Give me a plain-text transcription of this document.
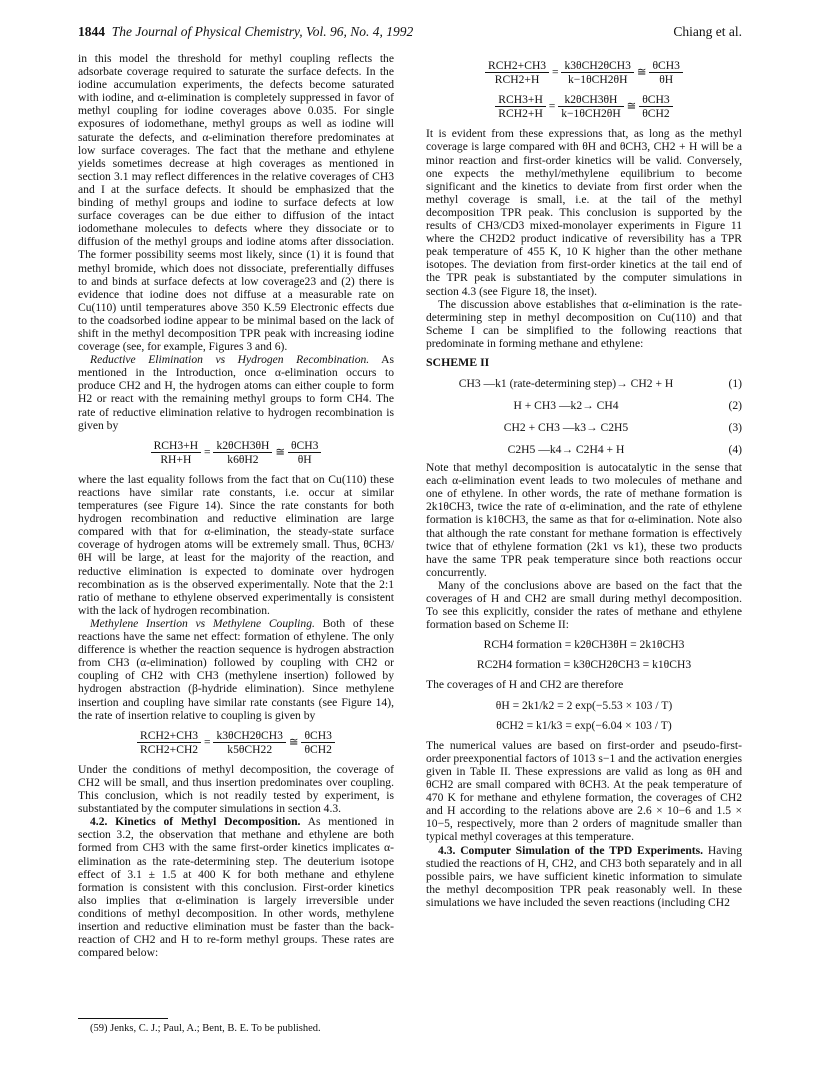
1844 The Journal of Physical Chemistry, Vol. 96, No. 4, 1992	Chiang et al.

in this model the threshold for methyl coupling reflects the adsorbate coverage required to saturate the surface defects. In the iodine accumulation experiments, the defects become saturated with iodine, and α-elimination is completely suppressed in favor of methyl coupling for iodine coverages above 0.035. For single exposures of iodomethane, methyl groups as well as iodine will saturate the defects, and α-elimination therefore predominates at low surface coverages. The fact that the methane and ethylene yields sometimes decrease at high coverages as mentioned in section 3.1 may reflect differences in the relative coverages of CH3 and I at the surface defects. It should be emphasized that the binding of methyl groups and iodine to surface defects at low surface coverages can be due either to diffusion of the intact iodomethane molecules to defects where they dissociate or to diffusion of the methyl groups and iodine atoms after dissociation. The former possibility seems most likely, since (1) it is found that methyl bromide, which does not dissociate, preferentially diffuses to and binds at surface defects at low coverage23 and (2) there is evidence that iodine does not diffuse at a measurable rate on Cu(110) until temperatures above 350 K.59 Electronic effects due to the coadsorbed iodine appear to be minimal based on the lack of shift in the methyl decomposition TPR peak with increasing iodine coverage (see, for example, Figures 3 and 6).

Reductive Elimination vs Hydrogen Recombination. As mentioned in the Introduction, once α-elimination occurs to produce CH2 and H, the hydrogen atoms can either couple to form H2 or react with the remaining methyl groups to form CH4. The rate of reductive elimination relative to hydrogen recombination is given by

$\frac{\text{RCH3+H}}{RH+H} = \frac{\text{k2θCH3θH}}{k6\theta H2}$ ≅ $\frac{\text{θCH3}}{\theta H}$

where the last equality follows from the fact that on Cu(110) these reactions have similar rate constants, i.e. occur at similar temperatures (see Figure 14). Since the rate constants for both hydrogen recombination and reductive elimination are large compared with that for α-elimination, the steady-state surface coverage of hydrogen atoms will be extremely small. Thus, θCH3/θH will be large, at least for the majority of the reaction, and reductive elimination is expected to dominate over hydrogen recombination as is the observed experimentally. Note that the 2:1 ratio of methane to ethylene observed experimentally is consistent with the lack of hydrogen recombination.

Methylene Insertion vs Methylene Coupling. Both of these reactions have the same net effect: formation of ethylene. The only difference is whether the reaction sequence is hydrogen abstraction from CH3 (α-elimination) followed by coupling with CH2 or coupling of CH2 with CH3 (methylene insertion) followed by hydrogen abstraction (β-hydride elimination). Since methylene insertion and coupling have similar rate constants (see Figure 14), the rate of insertion relative to coupling is given by

$\frac{\text{RCH2+CH3}}{\text{RCH2+CH2}} = \frac{\text{k3θCH2θCH3}}{\text{k5θCH22}}$ ≅ $\frac{\text{θCH3}}{\text{θCH2}}$

Under the conditions of methyl decomposition, the coverage of CH2 will be small, and thus insertion predominates over coupling. This conclusion, which is not readily tested by experiment, is substantiated by the computer simulations in section 4.3.

4.2. Kinetics of Methyl Decomposition. As mentioned in section 3.2, the observation that methane and ethylene are both formed from CH3 with the same first-order kinetics implicates α-elimination as the rate-determining step. The deuterium isotope effect of 3.1 ± 1.5 at 400 K for both methane and ethylene formation is consistent with this conclusion. First-order kinetics also implies that α-elimination is largely irreversible under conditions of methyl decomposition. In other words, methylene insertion and reductive elimination must be faster than the back-reaction of CH2 and H to re-form methyl groups. These rates are compared below:

$\frac{\text{RCH2+CH3}}{\text{RCH2+H}} = \frac{\text{k3θCH2θCH3}}{\text{k−1θCH2θH}}$ ≅ $\frac{\text{θCH3}}{\theta H}$
$\frac{\text{RCH3+H}}{\text{RCH2+H}} = \frac{\text{k2θCH3θH}}{\text{k−1θCH2θH}}$ ≅ $\frac{\text{θCH3}}{\text{θCH2}}$

It is evident from these expressions that, as long as the methyl coverage is large compared with θH and θCH3, CH2 + H will be a minor reaction and first-order kinetics will be valid. Conversely, one expects the methyl/methylene equilibrium to become significant and the kinetics to deviate from first order when the methyl coverage is small, i.e. at the tail of the methyl decomposition TPR peak. This conclusion is supported by the results of CH3/CD3 mixed-monolayer experiments in Figure 11 where the CH2D2 product indicative of reversibility has a TPR peak temperature of 455 K, 10 K higher than the other methane isotopes. The deviation from first-order kinetics at the tail end of the TPR peak is substantiated by the computer simulations in section 4.3 (see Figure 18, the inset).

The discussion above establishes that α-elimination is the rate-determining step in methyl decomposition on Cu(110) and that Scheme I can be simplified to the following reactions that predominate in forming methane and ethylene:

SCHEME II
CH3 —k1 (rate-determining step)→ CH2 + H	(1)
H + CH3 —k2→ CH4	(2)
CH2 + CH3 —k3→ C2H5	(3)
C2H5 —k4→ C2H4 + H	(4)

Note that methyl decomposition is autocatalytic in the sense that each α-elimination event leads to two molecules of methane and one of ethylene. In other words, the rate of methane formation is 2k1θCH3, twice the rate of α-elimination, and the rate of ethylene formation is k1θCH3, the same as that for α-elimination. Note also that although the rate constant for methane formation is effectively twice that of ethylene formation (2k1 vs k1), these two products have the same TPR peak temperature since both reactions occur concurrently.

Many of the conclusions above are based on the fact that the coverages of H and CH2 are small during methyl decomposition. To see this explicitly, consider the rates of methane and ethylene formation based on Scheme II:

RCH4 formation = k2θCH3θH = 2k1θCH3
RC2H4 formation = k3θCH2θCH3 = k1θCH3

The coverages of H and CH2 are therefore

θH = 2k1/k2 = 2 exp(−5.53 × 103 / T)
θCH2 = k1/k3 = exp(−6.04 × 103 / T)

The numerical values are based on first-order and pseudo-first-order preexponential factors of 1013 s−1 and the activation energies given in Table II. These expressions are valid as long as θH and θCH2 are small compared with θCH3. At the peak temperature of 470 K for methane and ethylene formation, the coverages of CH2 and H according to the relations above are 2.6 × 10−6 and 1.5 × 10−5, respectively, more than 2 orders of magnitude smaller than typical methyl coverages at this temperature.

4.3. Computer Simulation of the TPD Experiments. Having studied the reactions of H, CH2, and CH3 both separately and in all possible pairs, we have sufficient kinetic information to simulate the methyl decomposition TPR peak reasonably well. In these simulations we have included the seven reactions (including CH2

(59) Jenks, C. J.; Paul, A.; Bent, B. E. To be published.
